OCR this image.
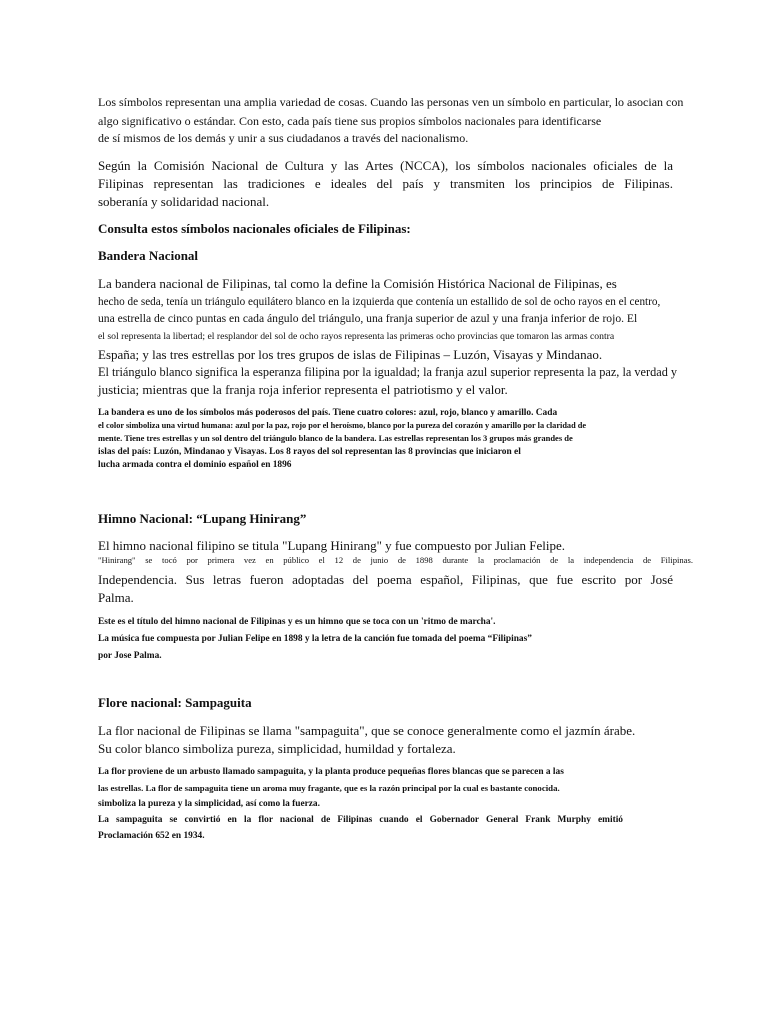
Los símbolos representan una amplia variedad de cosas. Cuando las personas ven un símbolo en particular, lo asocian con

algo significativo o estándar. Con esto, cada país tiene sus propios símbolos nacionales para identificarse

de sí mismos de los demás y unir a sus ciudadanos a través del nacionalismo.

Según la Comisión Nacional de Cultura y las Artes (NCCA), los símbolos nacionales oficiales de la

Filipinas representan las tradiciones e ideales del país y transmiten los principios de Filipinas.

soberanía y solidaridad nacional.

Consulta estos símbolos nacionales oficiales de Filipinas:

Bandera Nacional

La bandera nacional de Filipinas, tal como la define la Comisión Histórica Nacional de Filipinas, es

hecho de seda, tenía un triángulo equilátero blanco en la izquierda que contenía un estallido de sol de ocho rayos en el centro,

una estrella de cinco puntas en cada ángulo del triángulo, una franja superior de azul y una franja inferior de rojo. El

el sol representa la libertad; el resplandor del sol de ocho rayos representa las primeras ocho provincias que tomaron las armas contra

España; y las tres estrellas por los tres grupos de islas de Filipinas – Luzón, Visayas y Mindanao.

El triángulo blanco significa la esperanza filipina por la igualdad; la franja azul superior representa la paz, la verdad y

justicia; mientras que la franja roja inferior representa el patriotismo y el valor.

La bandera es uno de los símbolos más poderosos del país. Tiene cuatro colores: azul, rojo, blanco y amarillo. Cada

el color simboliza una virtud humana: azul por la paz, rojo por el heroísmo, blanco por la pureza del corazón y amarillo por la claridad de

mente. Tiene tres estrellas y un sol dentro del triángulo blanco de la bandera. Las estrellas representan los 3 grupos más grandes de

islas del país: Luzón, Mindanao y Visayas. Los 8 rayos del sol representan las 8 provincias que iniciaron el

lucha armada contra el dominio español en 1896

Himno Nacional: “Lupang Hinirang”

El himno nacional filipino se titula "Lupang Hinirang" y fue compuesto por Julian Felipe.

"Hinirang" se tocó por primera vez en público el 12 de junio de 1898 durante la proclamación de la independencia de Filipinas.

Independencia. Sus letras fueron adoptadas del poema español, Filipinas, que fue escrito por José

Palma.

Este es el título del himno nacional de Filipinas y es un himno que se toca con un 'ritmo de marcha'.

La música fue compuesta por Julian Felipe en 1898 y la letra de la canción fue tomada del poema “Filipinas”

por Jose Palma.

Flore nacional: Sampaguita

La flor nacional de Filipinas se llama "sampaguita", que se conoce generalmente como el jazmín árabe.

Su color blanco simboliza pureza, simplicidad, humildad y fortaleza.

La flor proviene de un arbusto llamado sampaguita, y la planta produce pequeñas flores blancas que se parecen a las

las estrellas. La flor de sampaguita tiene un aroma muy fragante, que es la razón principal por la cual es bastante conocida.

simboliza la pureza y la simplicidad, así como la fuerza.

La sampaguita se convirtió en la flor nacional de Filipinas cuando el Gobernador General Frank Murphy emitió

Proclamación 652 en 1934.
